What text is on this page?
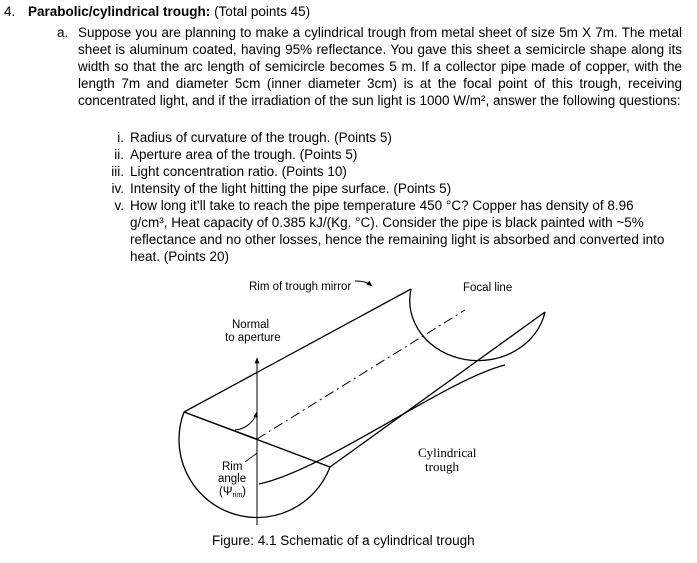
4. Parabolic/cylindrical trough: (Total points 45)
a. Suppose you are planning to make a cylindrical trough from metal sheet of size 5m X 7m. The metal sheet is aluminum coated, having 95% reflectance. You gave this sheet a semicircle shape along its width so that the arc length of semicircle becomes 5 m. If a collector pipe made of copper, with the length 7m and diameter 5cm (inner diameter 3cm) is at the focal point of this trough, receiving concentrated light, and if the irradiation of the sun light is 1000 W/m², answer the following questions:
i. Radius of curvature of the trough. (Points 5)
ii. Aperture area of the trough. (Points 5)
iii. Light concentration ratio. (Points 10)
iv. Intensity of the light hitting the pipe surface. (Points 5)
v. How long it’ll take to reach the pipe temperature 450 °C? Copper has density of 8.96 g/cm³, Heat capacity of 0.385 kJ/(Kg. °C). Consider the pipe is black painted with ~5% reflectance and no other losses, hence the remaining light is absorbed and converted into heat. (Points 20)
Rim of trough mirror	Focal line
Normal
to aperture
Rim
angle
(Ψrim)
Cylindrical
trough
Figure: 4.1 Schematic of a cylindrical trough
